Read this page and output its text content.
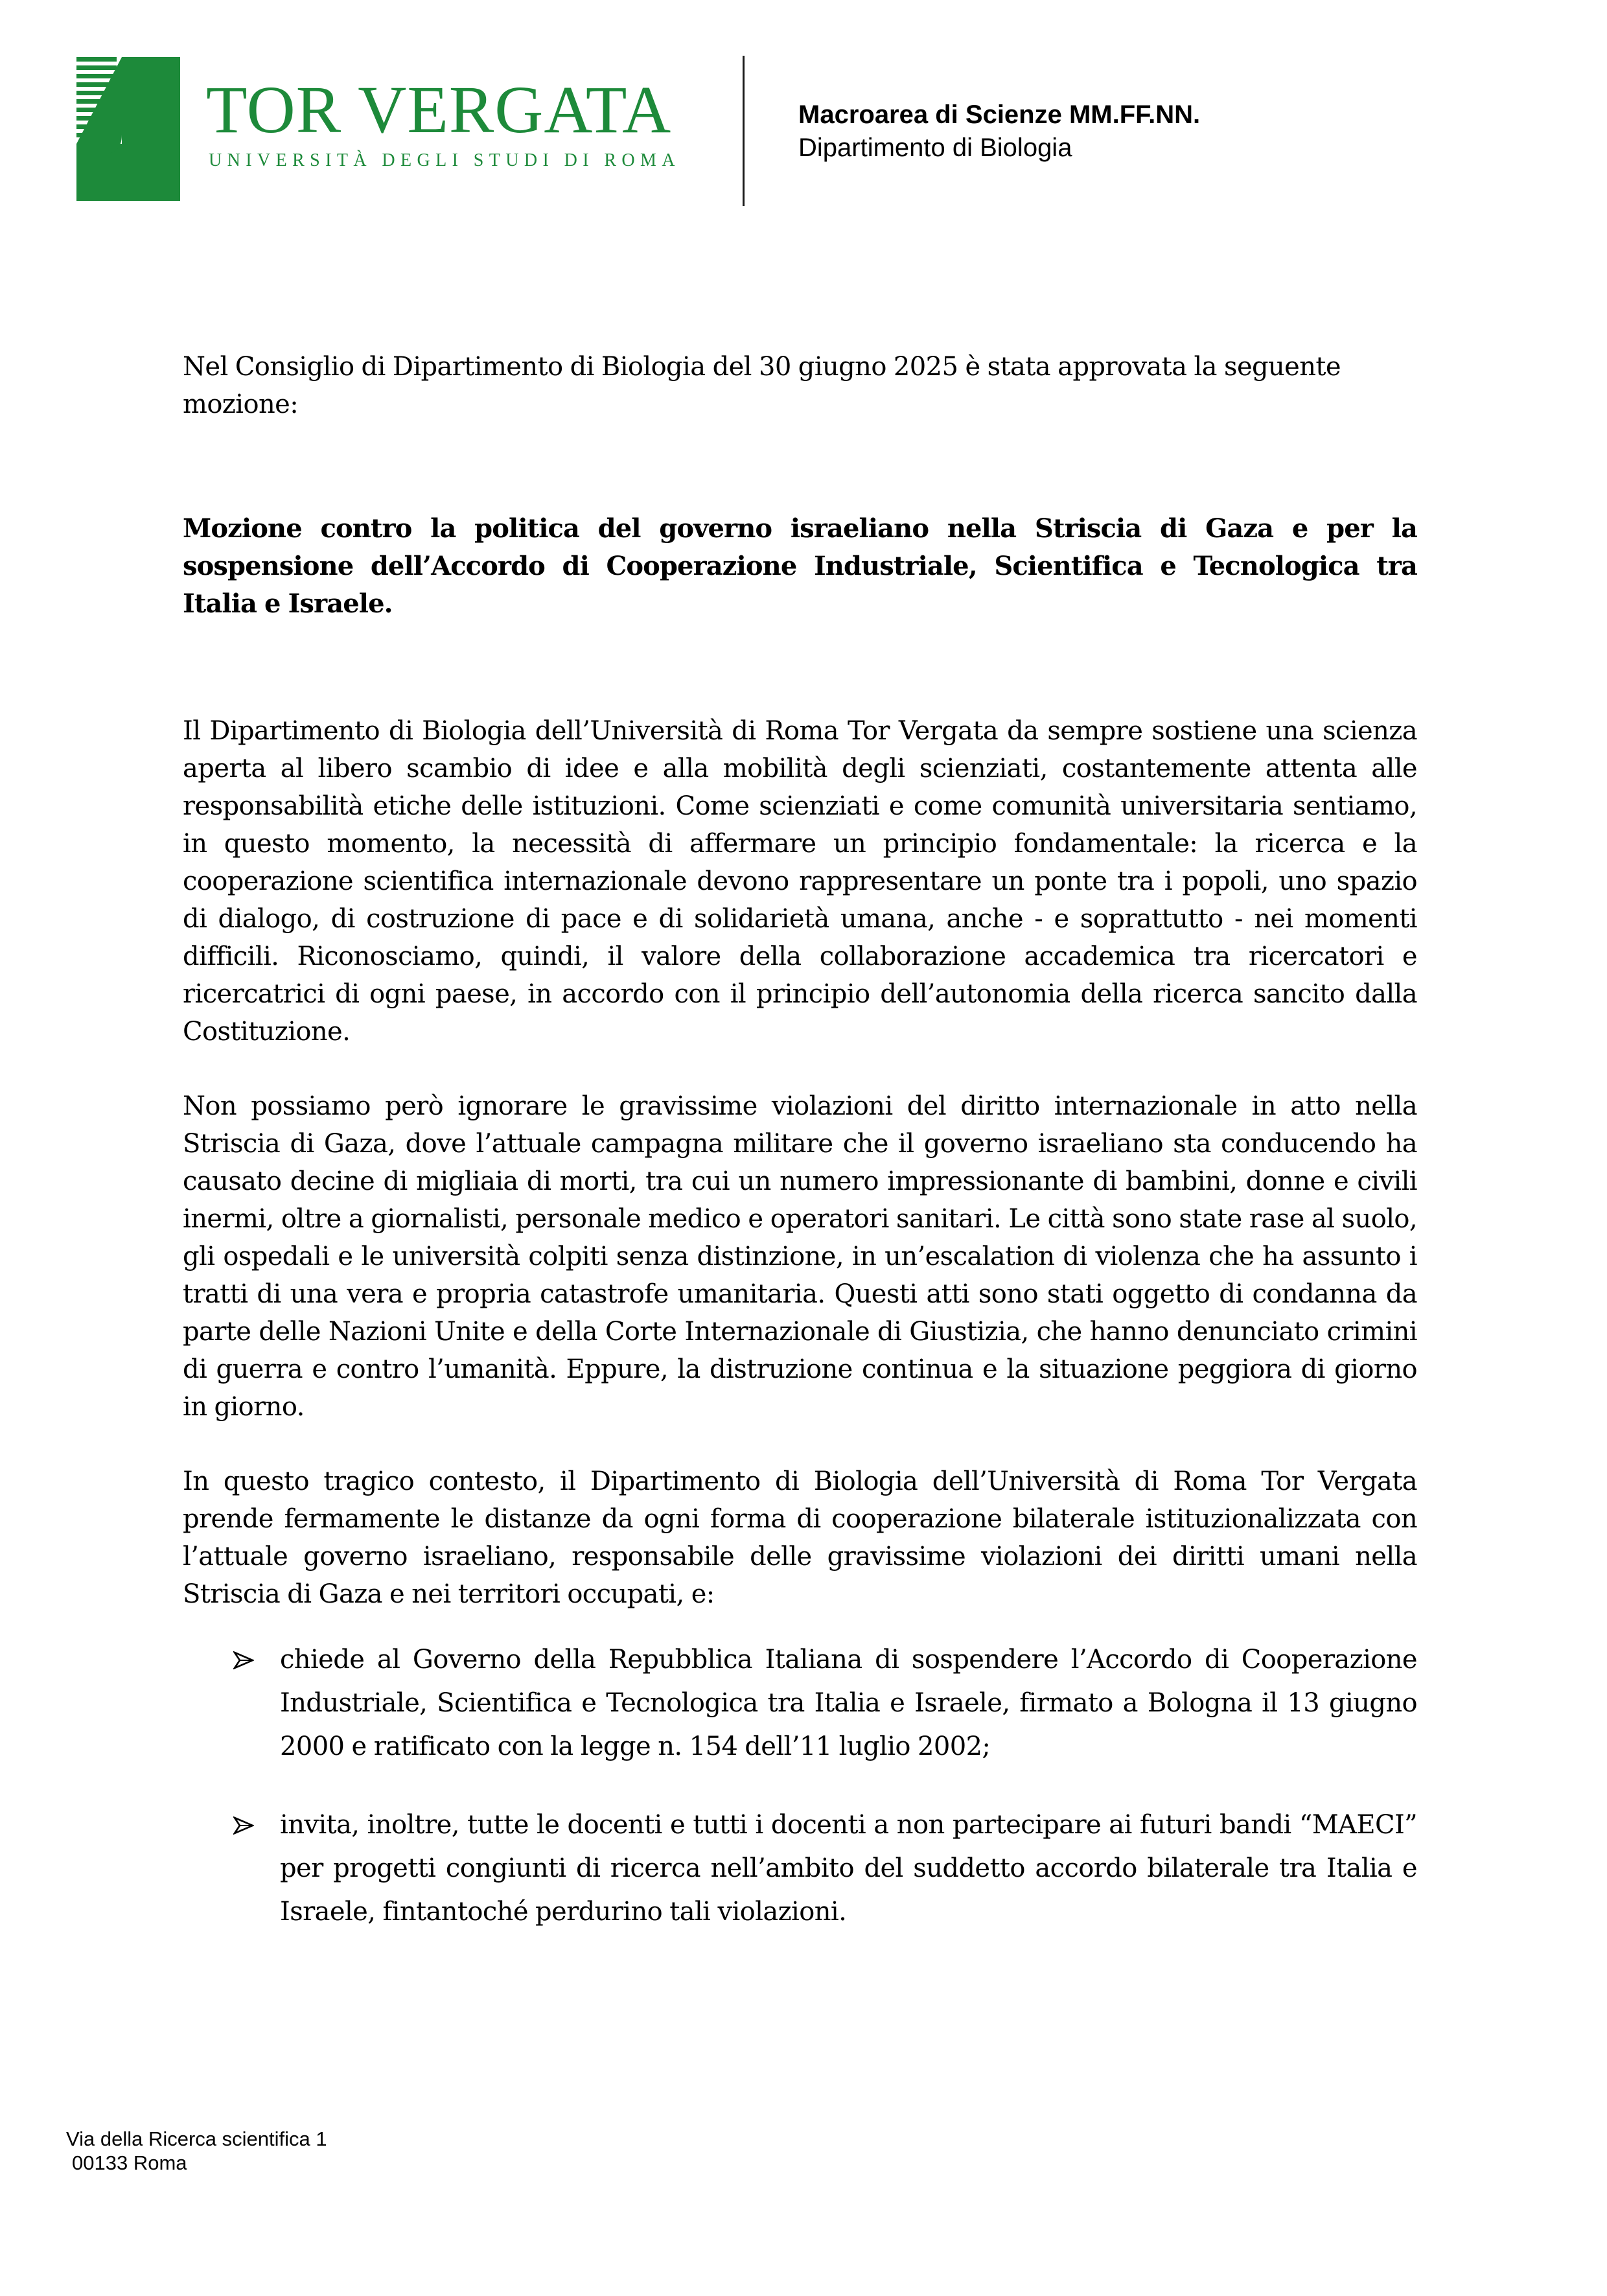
TOR VERGATA
UNIVERSITÀ DEGLI STUDI DI ROMA
Macroarea di Scienze MM.FF.NN.
Dipartimento di Biologia

Nel Consiglio di Dipartimento di Biologia del 30 giugno 2025 è stata approvata la seguente mozione:

Mozione contro la politica del governo israeliano nella Striscia di Gaza e per la sospensione dell’Accordo di Cooperazione Industriale, Scientifica e Tecnologica tra Italia e Israele.

Il Dipartimento di Biologia dell’Università di Roma Tor Vergata da sempre sostiene una scienza aperta al libero scambio di idee e alla mobilità degli scienziati, costantemente attenta alle responsabilità etiche delle istituzioni. Come scienziati e come comunità universitaria sentiamo, in questo momento, la necessità di affermare un principio fondamentale: la ricerca e la cooperazione scientifica internazionale devono rappresentare un ponte tra i popoli, uno spazio di dialogo, di costruzione di pace e di solidarietà umana, anche - e soprattutto - nei momenti difficili. Riconosciamo, quindi, il valore della collaborazione accademica tra ricercatori e ricercatrici di ogni paese, in accordo con il principio dell’autonomia della ricerca sancito dalla Costituzione.

Non possiamo però ignorare le gravissime violazioni del diritto internazionale in atto nella Striscia di Gaza, dove l’attuale campagna militare che il governo israeliano sta conducendo ha causato decine di migliaia di morti, tra cui un numero impressionante di bambini, donne e civili inermi, oltre a giornalisti, personale medico e operatori sanitari. Le città sono state rase al suolo, gli ospedali e le università colpiti senza distinzione, in un’escalation di violenza che ha assunto i tratti di una vera e propria catastrofe umanitaria. Questi atti sono stati oggetto di condanna da parte delle Nazioni Unite e della Corte Internazionale di Giustizia, che hanno denunciato crimini di guerra e contro l’umanità. Eppure, la distruzione continua e la situazione peggiora di giorno in giorno.

In questo tragico contesto, il Dipartimento di Biologia dell’Università di Roma Tor Vergata prende fermamente le distanze da ogni forma di cooperazione bilaterale istituzionalizzata con l’attuale governo israeliano, responsabile delle gravissime violazioni dei diritti umani nella Striscia di Gaza e nei territori occupati, e:

chiede al Governo della Repubblica Italiana di sospendere l’Accordo di Cooperazione Industriale, Scientifica e Tecnologica tra Italia e Israele, firmato a Bologna il 13 giugno 2000 e ratificato con la legge n. 154 dell’11 luglio 2002;
invita, inoltre, tutte le docenti e tutti i docenti a non partecipare ai futuri bandi “MAECI” per progetti congiunti di ricerca nell’ambito del suddetto accordo bilaterale tra Italia e Israele, fintantoché perdurino tali violazioni.
Via della Ricerca scientifica 1
00133 Roma
